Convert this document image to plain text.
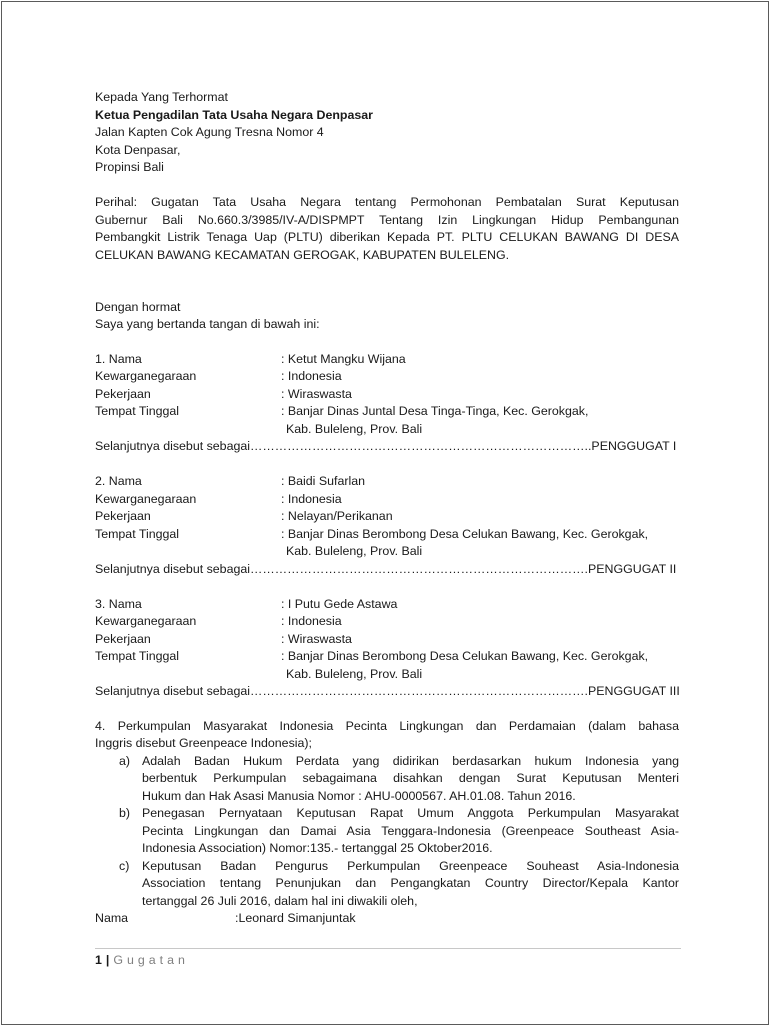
Kepada Yang Terhormat
Ketua Pengadilan Tata Usaha Negara Denpasar
Jalan Kapten Cok Agung Tresna Nomor 4
Kota Denpasar,
Propinsi Bali
Perihal: Gugatan Tata Usaha Negara tentang Permohonan Pembatalan Surat Keputusan
Gubernur Bali No.660.3/3985/IV-A/DISPMPT Tentang Izin Lingkungan Hidup Pembangunan
Pembangkit Listrik Tenaga Uap (PLTU) diberikan Kepada PT. PLTU CELUKAN BAWANG DI DESA
CELUKAN BAWANG KECAMATAN GEROGAK, KABUPATEN BULELENG.
Dengan hormat
Saya yang bertanda tangan di bawah ini:
1. Nama	: Ketut Mangku Wijana
Kewarganegaraan	: Indonesia
Pekerjaan	: Wiraswasta
Tempat Tinggal	: Banjar Dinas Juntal Desa Tinga-Tinga, Kec. Gerokgak,
Kab. Buleleng, Prov. Bali
Selanjutnya disebut sebagai………………………………………………………………………..PENGGUGAT I
2. Nama	: Baidi Sufarlan
Kewarganegaraan	: Indonesia
Pekerjaan	: Nelayan/Perikanan
Tempat Tinggal	: Banjar Dinas Berombong Desa Celukan Bawang, Kec. Gerokgak,
Kab. Buleleng, Prov. Bali
Selanjutnya disebut sebagai……………………………………………………………………….PENGGUGAT II
3. Nama	: I Putu Gede Astawa
Kewarganegaraan	: Indonesia
Pekerjaan	: Wiraswasta
Tempat Tinggal	: Banjar Dinas Berombong Desa Celukan Bawang, Kec. Gerokgak,
Kab. Buleleng, Prov. Bali
Selanjutnya disebut sebagai……………………………………………………………………….PENGGUGAT III
4. Perkumpulan Masyarakat Indonesia Pecinta Lingkungan dan Perdamaian (dalam bahasa
Inggris disebut Greenpeace Indonesia);
a) Adalah Badan Hukum Perdata yang didirikan berdasarkan hukum Indonesia yang
berbentuk Perkumpulan sebagaimana disahkan dengan Surat Keputusan Menteri
Hukum dan Hak Asasi Manusia Nomor : AHU-0000567. AH.01.08. Tahun 2016.
b) Penegasan Pernyataan Keputusan Rapat Umum Anggota Perkumpulan Masyarakat
Pecinta Lingkungan dan Damai Asia Tenggara-Indonesia (Greenpeace Southeast Asia-
Indonesia Association) Nomor:135.- tertanggal 25 Oktober2016.
c) Keputusan Badan Pengurus Perkumpulan Greenpeace Souheast Asia-Indonesia
Association tentang Penunjukan dan Pengangkatan Country Director/Kepala Kantor
tertanggal 26 Juli 2016, dalam hal ini diwakili oleh,
Nama	:Leonard Simanjuntak
1 | Gugatan
